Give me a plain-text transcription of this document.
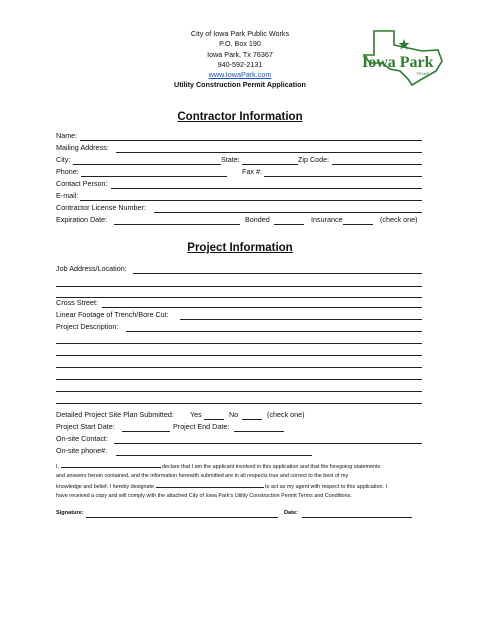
City of Iowa Park Public Works
P.O. Box 190
Iowa Park, Tx 76367
940-592-2131
www.IowaPark.com
Utility Construction Permit Application
Iowa Park
TEXAS
Contractor Information
Name:
Mailing Address:
City:	State:	Zip Code:
Phone:	Fax #:
Contact Person:
E-mail:
Contractor License Number:
Expiration Date:	Bonded	Insurance	(check one)
Project Information
Job Address/Location:
Cross Street:
Linear Footage of Trench/Bore Cut:
Project Description:
Detailed Project Site Plan Submitted: Yes	No	(check one)
Project Start Date:	Project End Date:
On-site Contact:
On-site phone#:
I,	declare that I am the applicant involved in this application and that the foregoing statements
and answers herein contained, and the information herewith submitted are in all respects true and correct to the best of my
knowledge and belief. I hereby designate	to act as my agent with respect to this application. I
have received a copy and will comply with the attached City of Iowa Park's Utility Construction Permit Terms and Conditions.
Signature:	Date:
